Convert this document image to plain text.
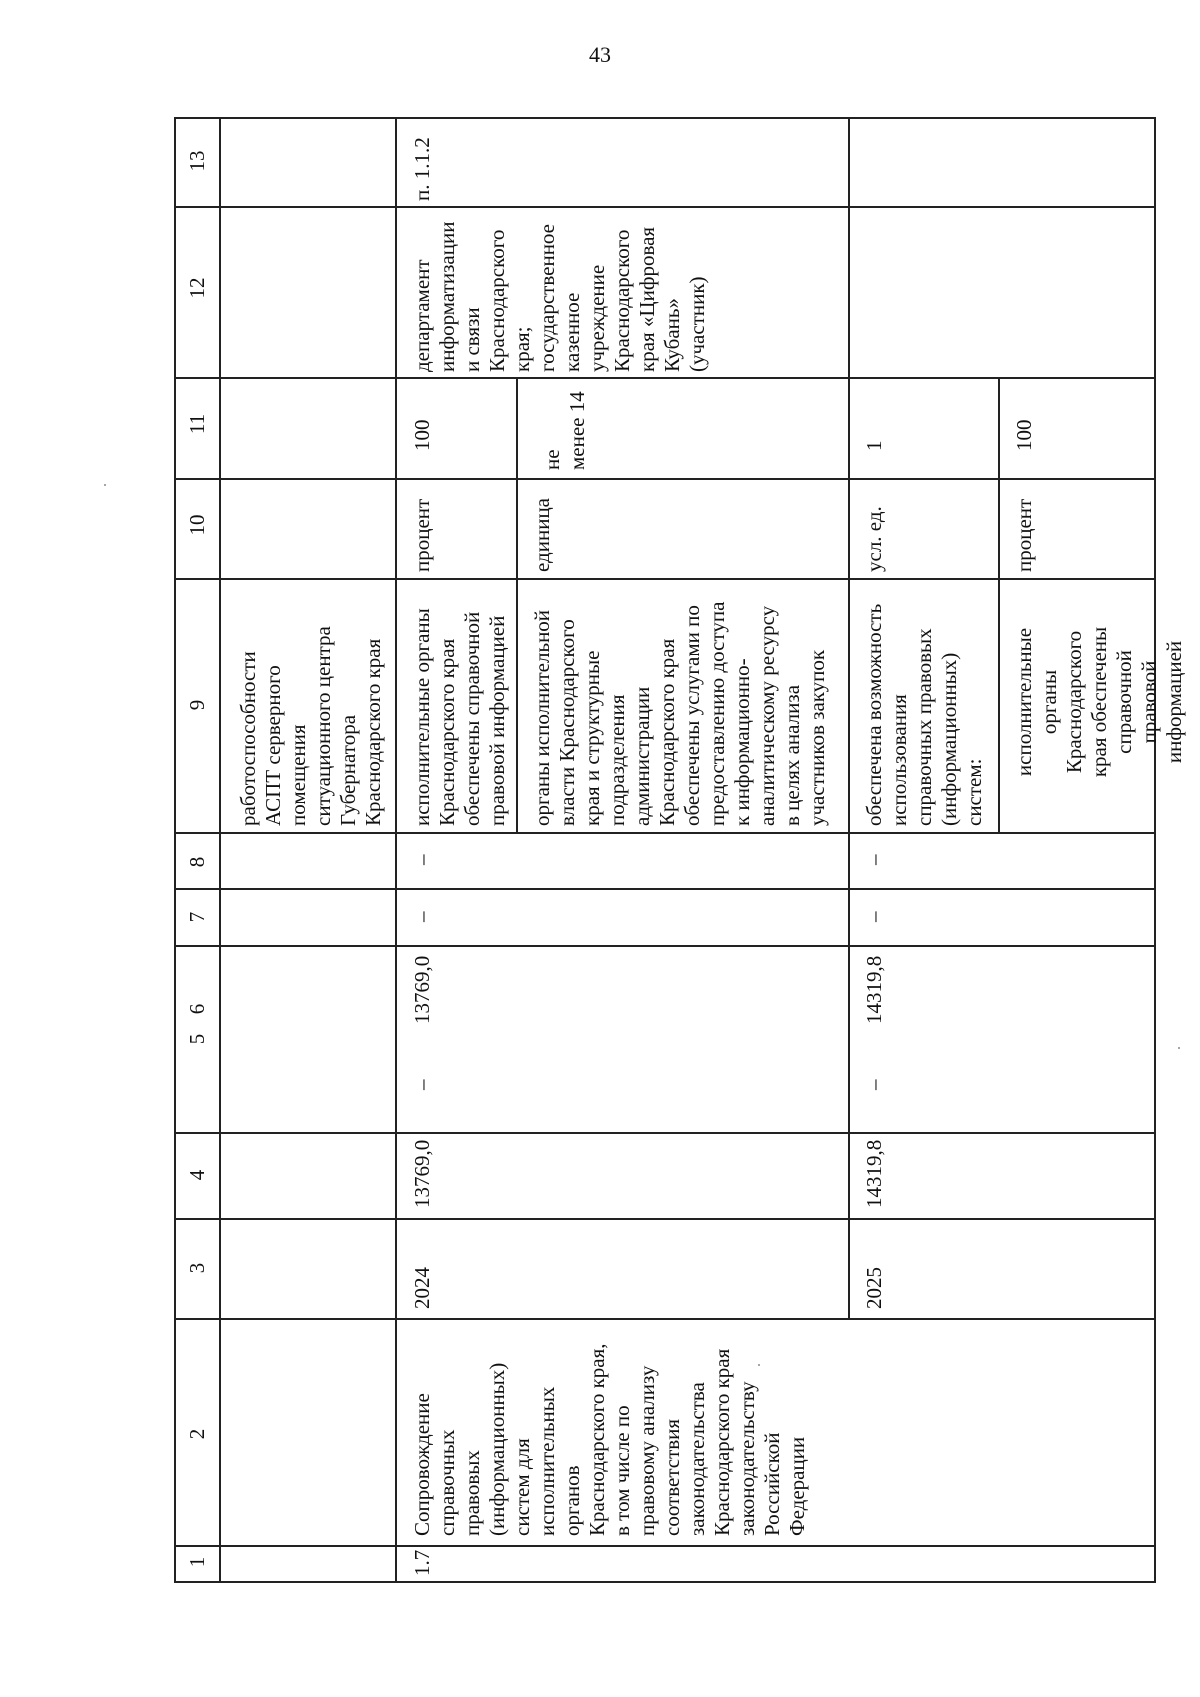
43
1
2
3
4
5
6
7
8
9
10
11
12
13
работоспособности
АСПТ серверного
помещения
ситуационного центра
Губернатора
Краснодарского края
1.7
Сопровождение
справочных
правовых
(информационных)
систем для
исполнительных
органов
Краснодарского края,
в том числе по
правовому анализу
соответствия
законодательства
Краснодарского края
законодательству
Российской
Федерации
2024
13769,0
–
13769,0
–
–
исполнительные органы
Краснодарского края
обеспечены справочной
правовой информацией
процент
100
органы исполнительной
власти Краснодарского
края и структурные
подразделения
администрации
Краснодарского края
обеспечены услугами по
предоставлению доступа
к информационно-
аналитическому ресурсу
в целях анализа
участников закупок
единица
не
менее 14
2025
14319,8
–
14319,8
–
–
обеспечена возможность
использования
справочных правовых
(информационных)
систем:
усл. ед.
1
исполнительные
органы Краснодарского
края обеспечены
справочной правовой
информацией
процент
100
департамент
информатизации
и связи
Краснодарского
края;
государственное
казенное
учреждение
Краснодарского
края «Цифровая
Кубань»
(участник)
п. 1.1.2
